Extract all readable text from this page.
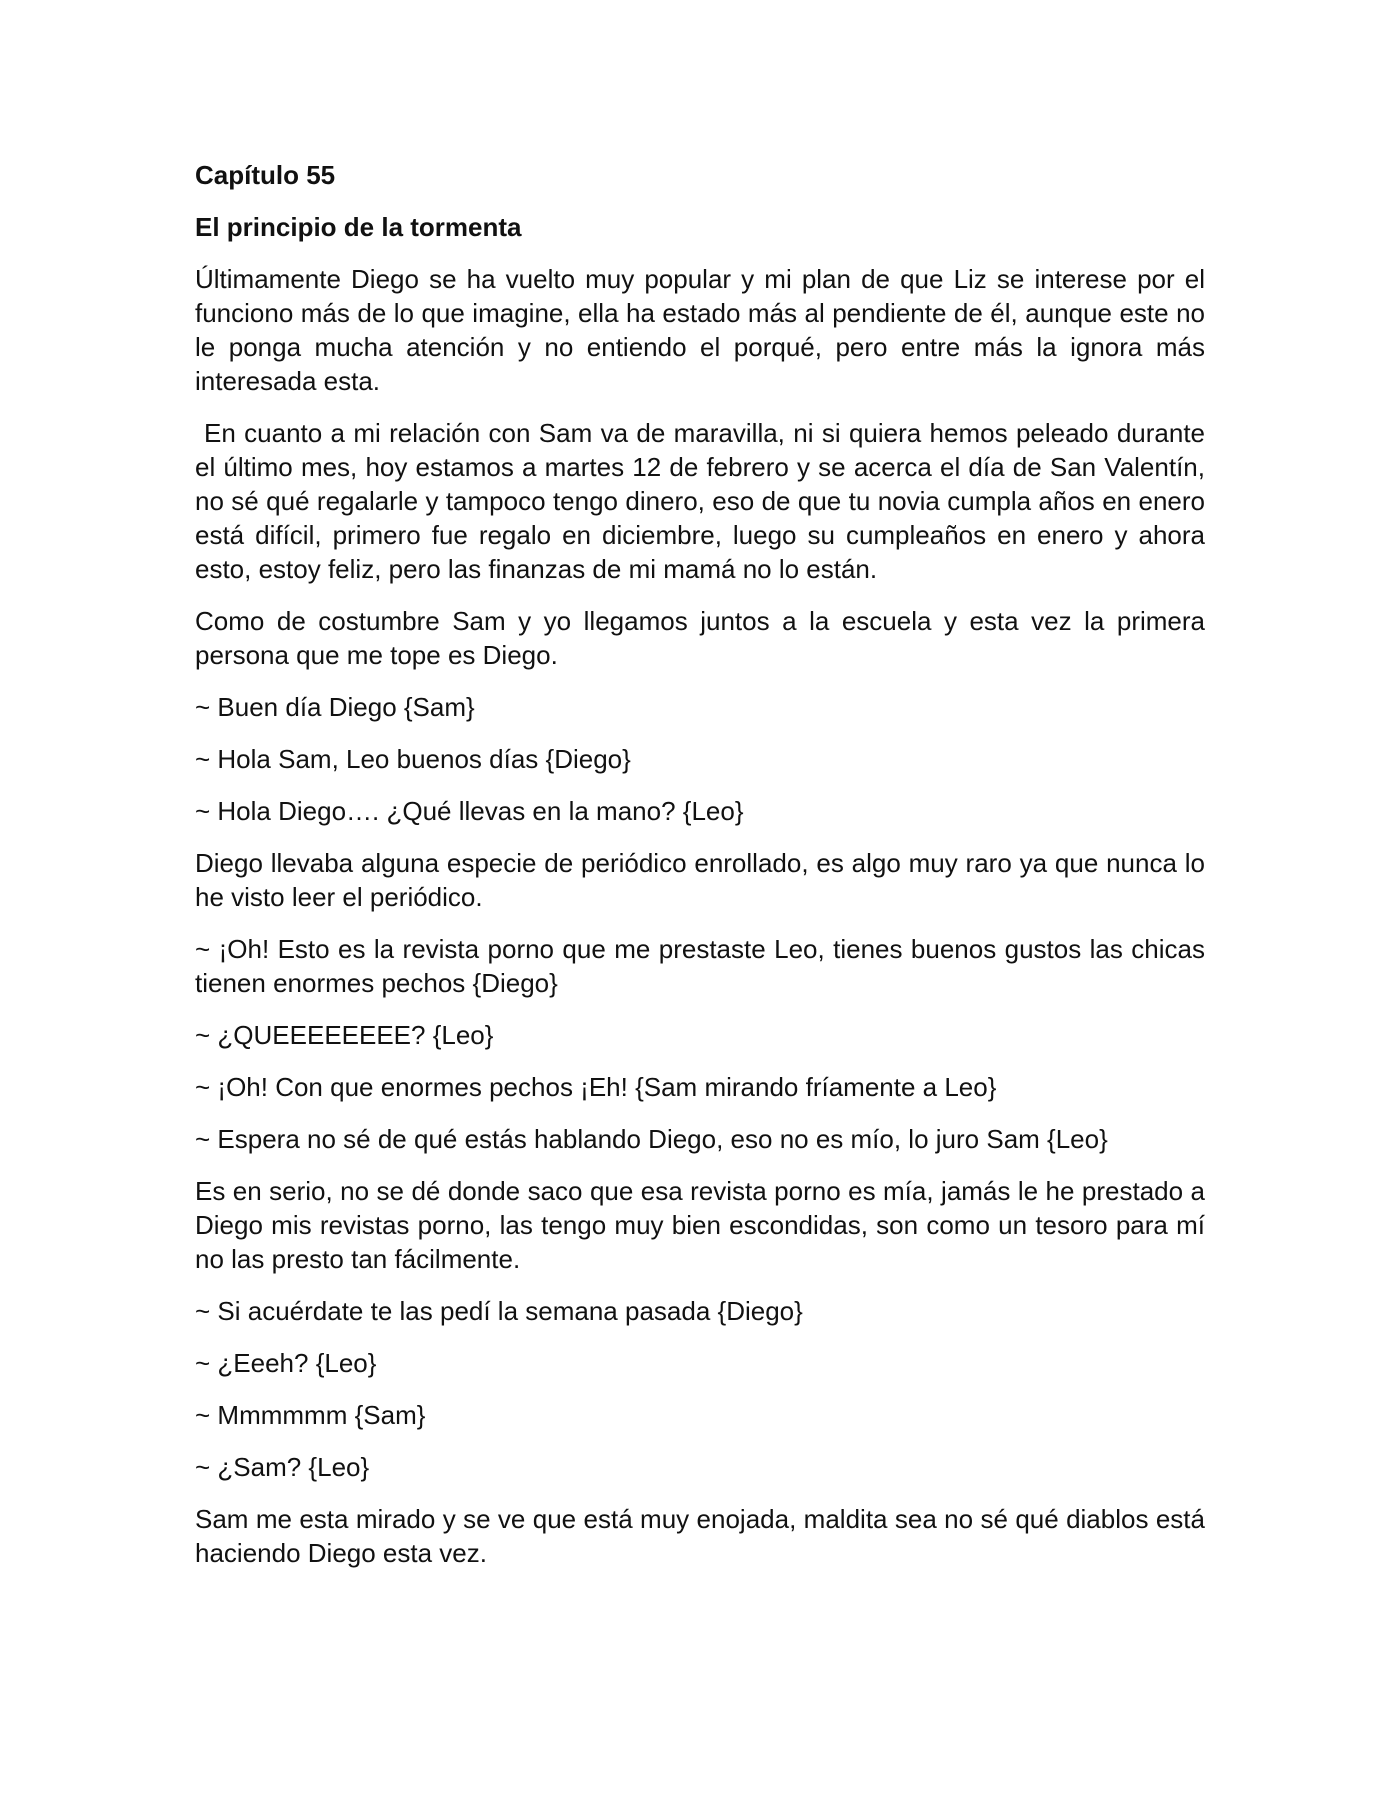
Capítulo 55
El principio de la tormenta

Últimamente Diego se ha vuelto muy popular y mi plan de que Liz se interese por el funciono más de lo que imagine, ella ha estado más al pendiente de él, aunque este no le ponga mucha atención y no entiendo el porqué, pero entre más la ignora más interesada esta.

En cuanto a mi relación con Sam va de maravilla, ni si quiera hemos peleado durante el último mes, hoy estamos a martes 12 de febrero y se acerca el día de San Valentín, no sé qué regalarle y tampoco tengo dinero, eso de que tu novia cumpla años en enero está difícil, primero fue regalo en diciembre, luego su cumpleaños en enero y ahora esto, estoy feliz, pero las finanzas de mi mamá no lo están.

Como de costumbre Sam y yo llegamos juntos a la escuela y esta vez la primera persona que me tope es Diego.

~ Buen día Diego {Sam}

~ Hola Sam, Leo buenos días {Diego}

~ Hola Diego…. ¿Qué llevas en la mano? {Leo}

Diego llevaba alguna especie de periódico enrollado, es algo muy raro ya que nunca lo he visto leer el periódico.

~ ¡Oh! Esto es la revista porno que me prestaste Leo, tienes buenos gustos las chicas tienen enormes pechos {Diego}

~ ¿QUEEEEEEEE? {Leo}

~ ¡Oh! Con que enormes pechos ¡Eh! {Sam mirando fríamente a Leo}

~ Espera no sé de qué estás hablando Diego, eso no es mío, lo juro Sam {Leo}

Es en serio, no se dé donde saco que esa revista porno es mía, jamás le he prestado a Diego mis revistas porno, las tengo muy bien escondidas, son como un tesoro para mí no las presto tan fácilmente.

~ Si acuérdate te las pedí la semana pasada {Diego}

~ ¿Eeeh? {Leo}

~ Mmmmmm {Sam}

~ ¿Sam? {Leo}

Sam me esta mirado y se ve que está muy enojada, maldita sea no sé qué diablos está haciendo Diego esta vez.
